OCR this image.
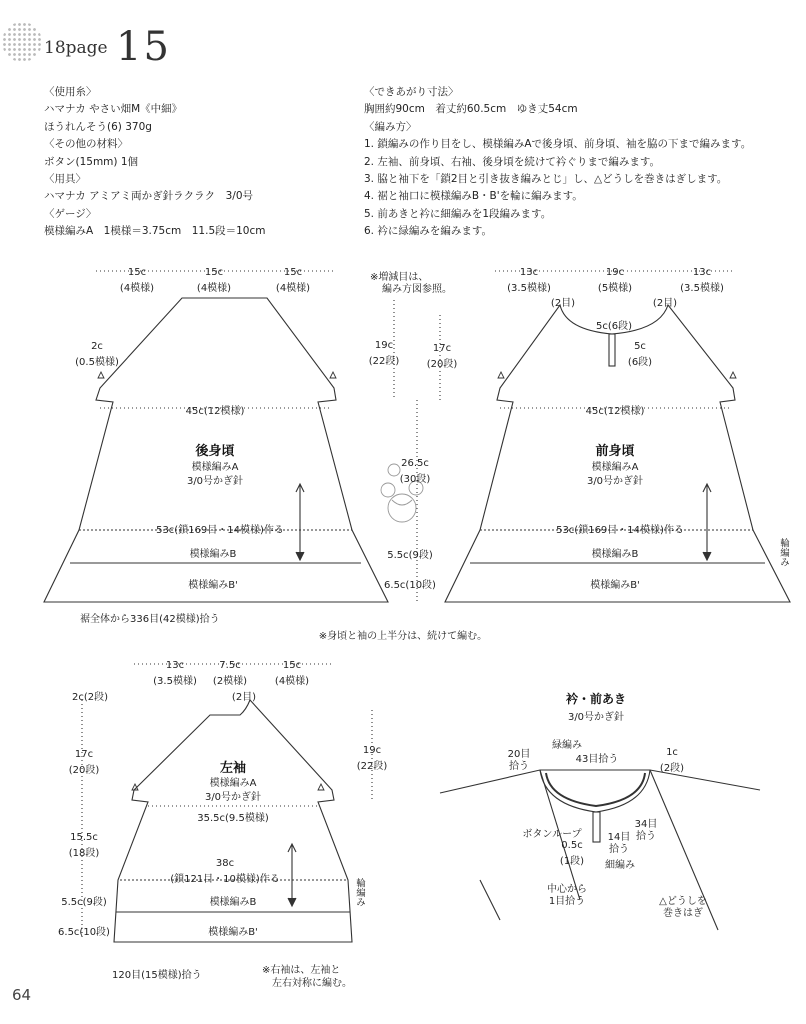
18page 15
〈使用糸〉
ハマナカ やさい畑M《中細》
ほうれんそう(6) 370g
〈その他の材料〉
ボタン(15mm) 1個
〈用具〉
ハマナカ アミアミ両かぎ針ラクラク　3/0号
〈ゲージ〉
模様編みA　1模様＝3.75cm　11.5段＝10cm
〈できあがり寸法〉
胸囲約90cm　着丈約60.5cm　ゆき丈54cm
〈編み方〉
1. 鎖編みの作り目をし、模様編みAで後身頃、前身頃、袖を脇の下まで編みます。
2. 左袖、前身頃、右袖、後身頃を続けて衿ぐりまで編みます。
3. 脇と袖下を「鎖2目と引き抜き編みとじ」し、△どうしを巻きはぎします。
4. 裾と袖口に模様編みB・B'を輪に編みます。
5. 前あきと衿に細編みを1段編みます。
6. 衿に緑編みを編みます。
15c
(4模様)
15c
(4模様)
15c
(4模様)
2c
(0.5模様)
45c(12模様)
後身頃
模様編みA
3/0号かぎ針
53c(鎖169目・14模様)作る
模様編みB
模様編みB'
裾全体から336目(42模様)拾う
※増減目は、
編み方図参照。
19c
(22段)
17c
(20段)
26.5c
(30段)
5.5c(9段)
6.5c(10段)
13c
(3.5模様)
19c
(5模様)
13c
(3.5模様)
(2目)	(2目)
5c(6段)
5c
(6段)
45c(12模様)
前身頃
模様編みA
3/0号かぎ針
53c(鎖169目・14模様)作る
模様編みB
模様編みB'
輪編み
※身頃と袖の上半分は、続けて編む。
13c
(3.5模様)
7.5c
(2模様)
15c
(4模様)
(2目)
2c(2段)
17c
(20段)
15.5c
(18段)
5.5c(9段)
6.5c(10段)
19c
(22段)
左袖
模様編みA
3/0号かぎ針
35.5c(9.5模様)
38c
(鎖121目・10模様)作る
模様編みB
模様編みB'
輪編み
120目(15模様)拾う	※右袖は、左袖と
左右対称に編む。
衿・前あき
3/0号かぎ針
緑編み
43目拾う
20目
拾う
1c
(2段)
34目
拾う
14目
拾う
ボタンループ
0.5c
(1段) 細編み
中心から
1目拾う	△どうしを
巻きはぎ
64
